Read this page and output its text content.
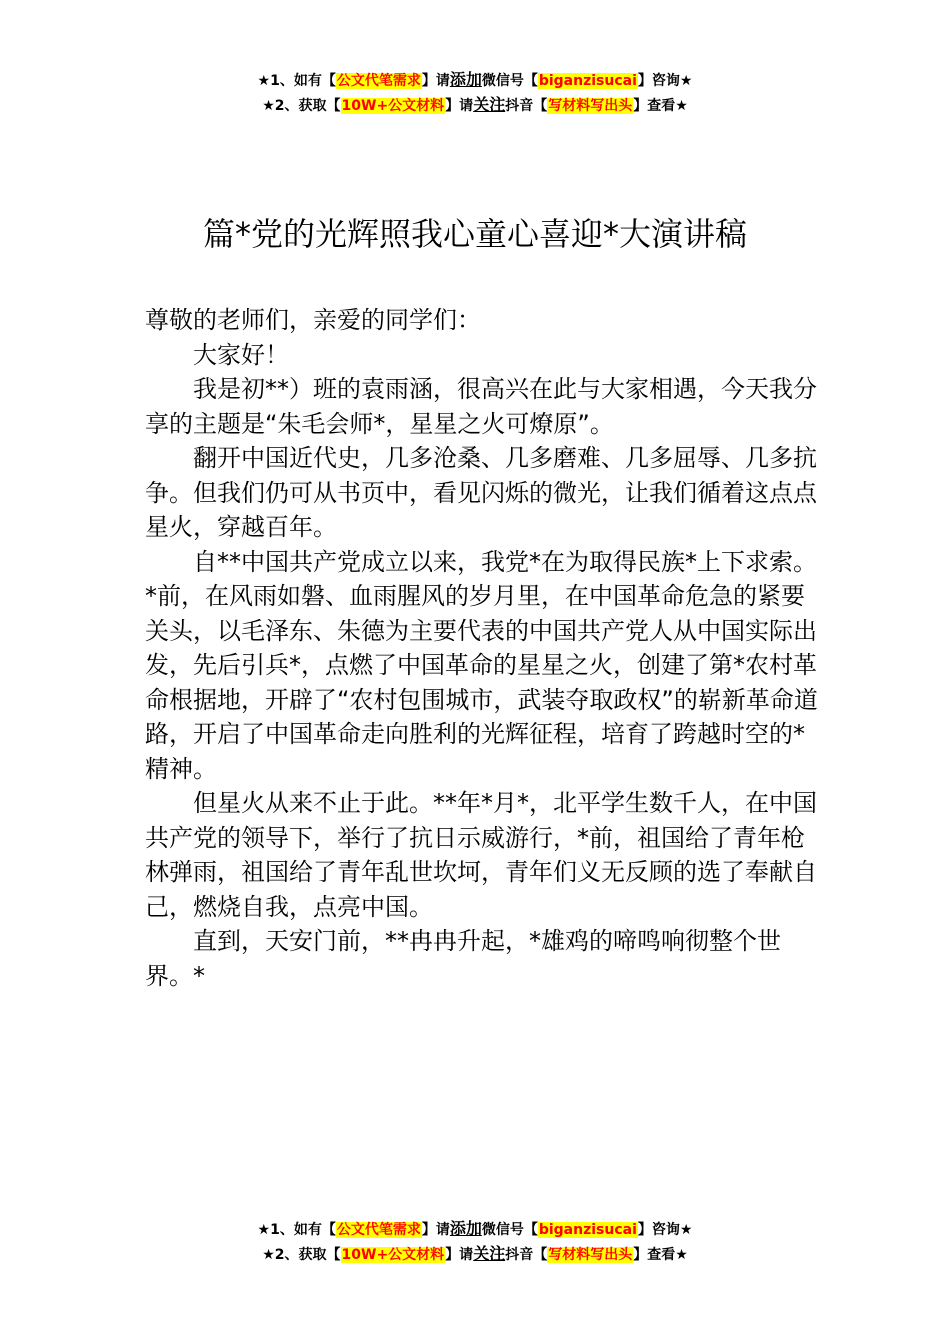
★1、如有【公文代笔需求】请添加微信号【biganzisucai】咨询★
★2、获取【10W+公文材料】请关注抖音【写材料写出头】查看★
篇*党的光辉照我心童心喜迎*大演讲稿

尊敬的老师们，亲爱的同学们：

大家好！

我是初**）班的袁雨涵，很高兴在此与大家相遇，今天我分享的主题是“朱毛会师*，星星之火可燎原”。

翻开中国近代史，几多沧桑、几多磨难、几多屈辱、几多抗争。但我们仍可从书页中，看见闪烁的微光，让我们循着这点点星火，穿越百年。

自**中国共产党成立以来，我党*在为取得民族*上下求索。*前，在风雨如磐、血雨腥风的岁月里，在中国革命危急的紧要关头，以毛泽东、朱德为主要代表的中国共产党人从中国实际出发，先后引兵*，点燃了中国革命的星星之火，创建了第*农村革命根据地，开辟了“农村包围城市，武装夺取政权”的崭新革命道路，开启了中国革命走向胜利的光辉征程，培育了跨越时空的*精神。

但星火从来不止于此。**年*月*，北平学生数千人，在中国共产党的领导下，举行了抗日示威游行，*前，祖国给了青年枪林弹雨，祖国给了青年乱世坎坷，青年们义无反顾的选了奉献自己，燃烧自我，点亮中国。

直到，天安门前，**冉冉升起，*雄鸡的啼鸣响彻整个世界。*

★1、如有【公文代笔需求】请添加微信号【biganzisucai】咨询★
★2、获取【10W+公文材料】请关注抖音【写材料写出头】查看★
